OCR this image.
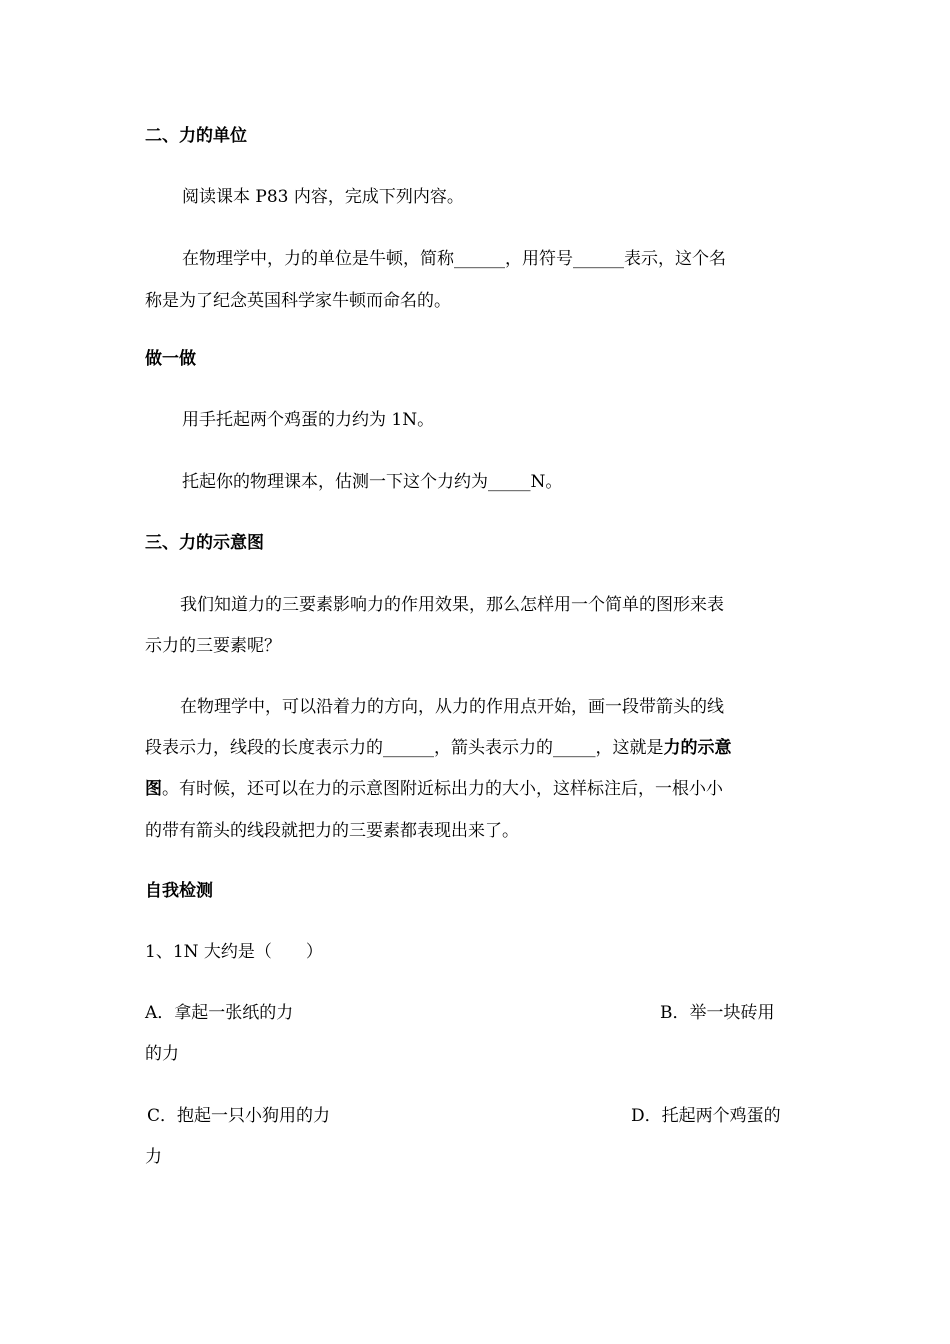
二、力的单位
阅读课本 P83 内容，完成下列内容。
在物理学中，力的单位是牛顿，简称______，用符号______表示，这个名
称是为了纪念英国科学家牛顿而命名的。
做一做
用手托起两个鸡蛋的力约为 1N。
托起你的物理课本，估测一下这个力约为_____N。
三、力的示意图
我们知道力的三要素影响力的作用效果，那么怎样用一个简单的图形来表
示力的三要素呢？
在物理学中，可以沿着力的方向，从力的作用点开始，画一段带箭头的线
段表示力，线段的长度表示力的______，箭头表示力的_____，这就是力的示意
图。有时候，还可以在力的示意图附近标出力的大小，这样标注后，一根小小
的带有箭头的线段就把力的三要素都表现出来了。
自我检测
1、1N 大约是（　　）
A．拿起一张纸的力	B．举一块砖用
的力
C．抱起一只小狗用的力	D．托起两个鸡蛋的
力
